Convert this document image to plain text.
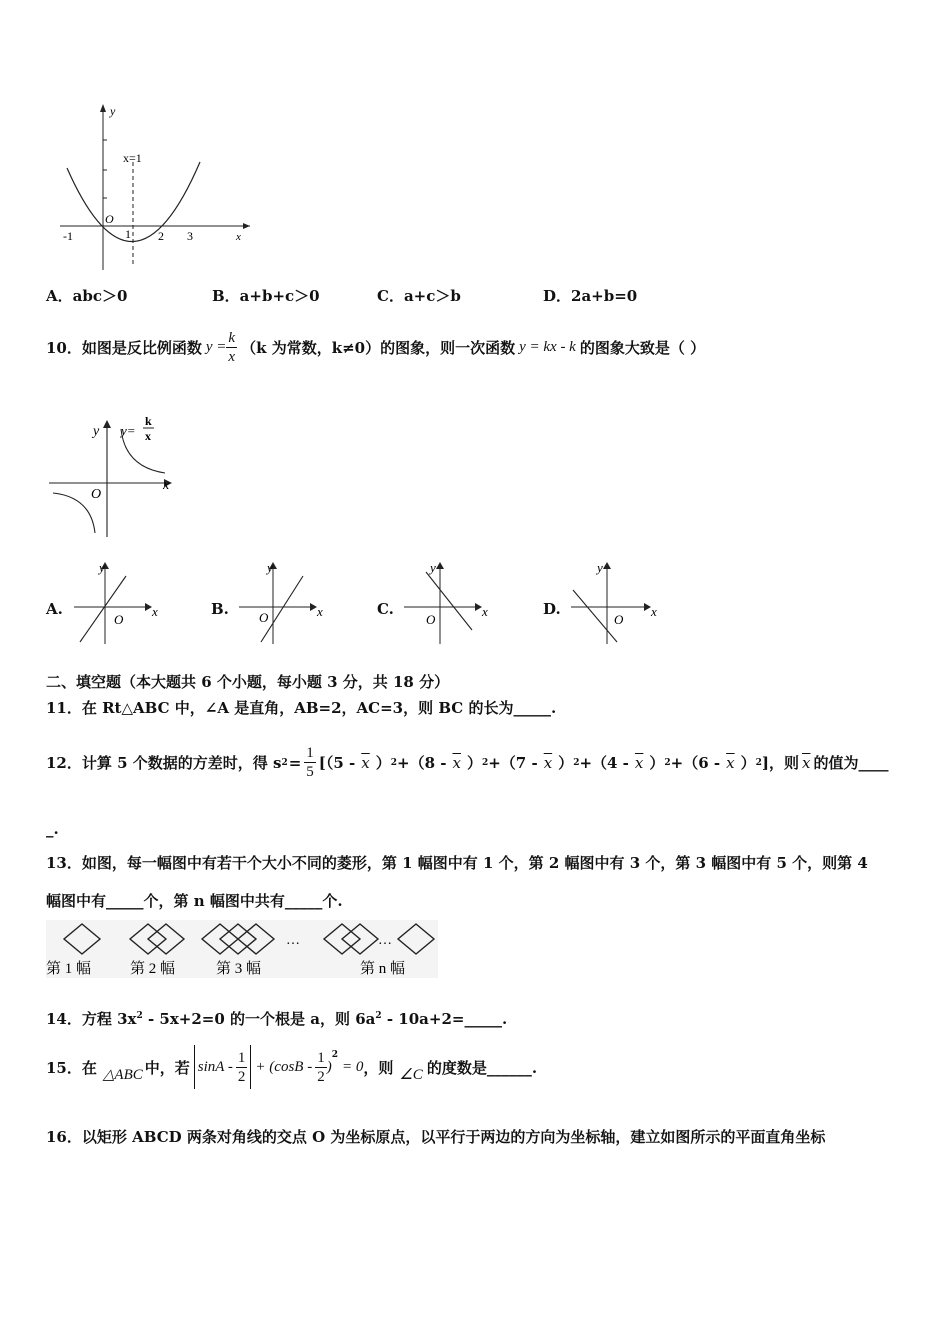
y
x
O
x=1
-1	1 2 3
A．abc＞0	B．a+b+c＞0	C．a+c＞b	D．2a+b=0
10．如图是反比例函数 $y = \frac{k}{x} (k$ 为常数，k≠0）的图象，则一次函数 y = kx - k 的图象大致是（ ）
y
x
O
y=
k
x
A.
y
x
O
B.
y
x
O	C.
y
x
O
D.
y
x
O
二、填空题（本大题共 6 个小题，每小题 3 分，共 18 分）
11．在 Rt△ABC 中，∠A 是直角，AB=2，AC=3，则 BC 的长为_____.
12．计算 5 个数据的方差时，得 s $2 = \frac{1}{5} [(5 - \overline{x}$ ） $2 +(8 - \overline{x}$ ） $2 +(7 - \overline{x}$ ） $2 +(4 - \overline{x}$ ） $2 +(6 - \overline{x}$ ） 2 ]，则 $\overline{x}$ 的值为____
_.
13．如图，每一幅图中有若干个大小不同的菱形，第 1 幅图中有 1 个，第 2 幅图中有 3 个，第 3 幅图中有 5 个，则第 4
幅图中有_____个，第 n 幅图中共有_____个.
…	…
第 1 幅	第 2 幅	第 3 幅	第 n 幅
14．方程 $3x^2 - 5x+2=0$ 的一个根是 a，则 $6a^2$ - 10a+2=_____.
15．在 △ABC 中，若 $\sin A - \frac{1}{2} + (\cos B - \frac{1}{2}$ )
$^2$
= 0 ，则 ∠C 的度数是______.
16．以矩形 ABCD 两条对角线的交点 O 为坐标原点，以平行于两边的方向为坐标轴，建立如图所示的平面直角坐标
